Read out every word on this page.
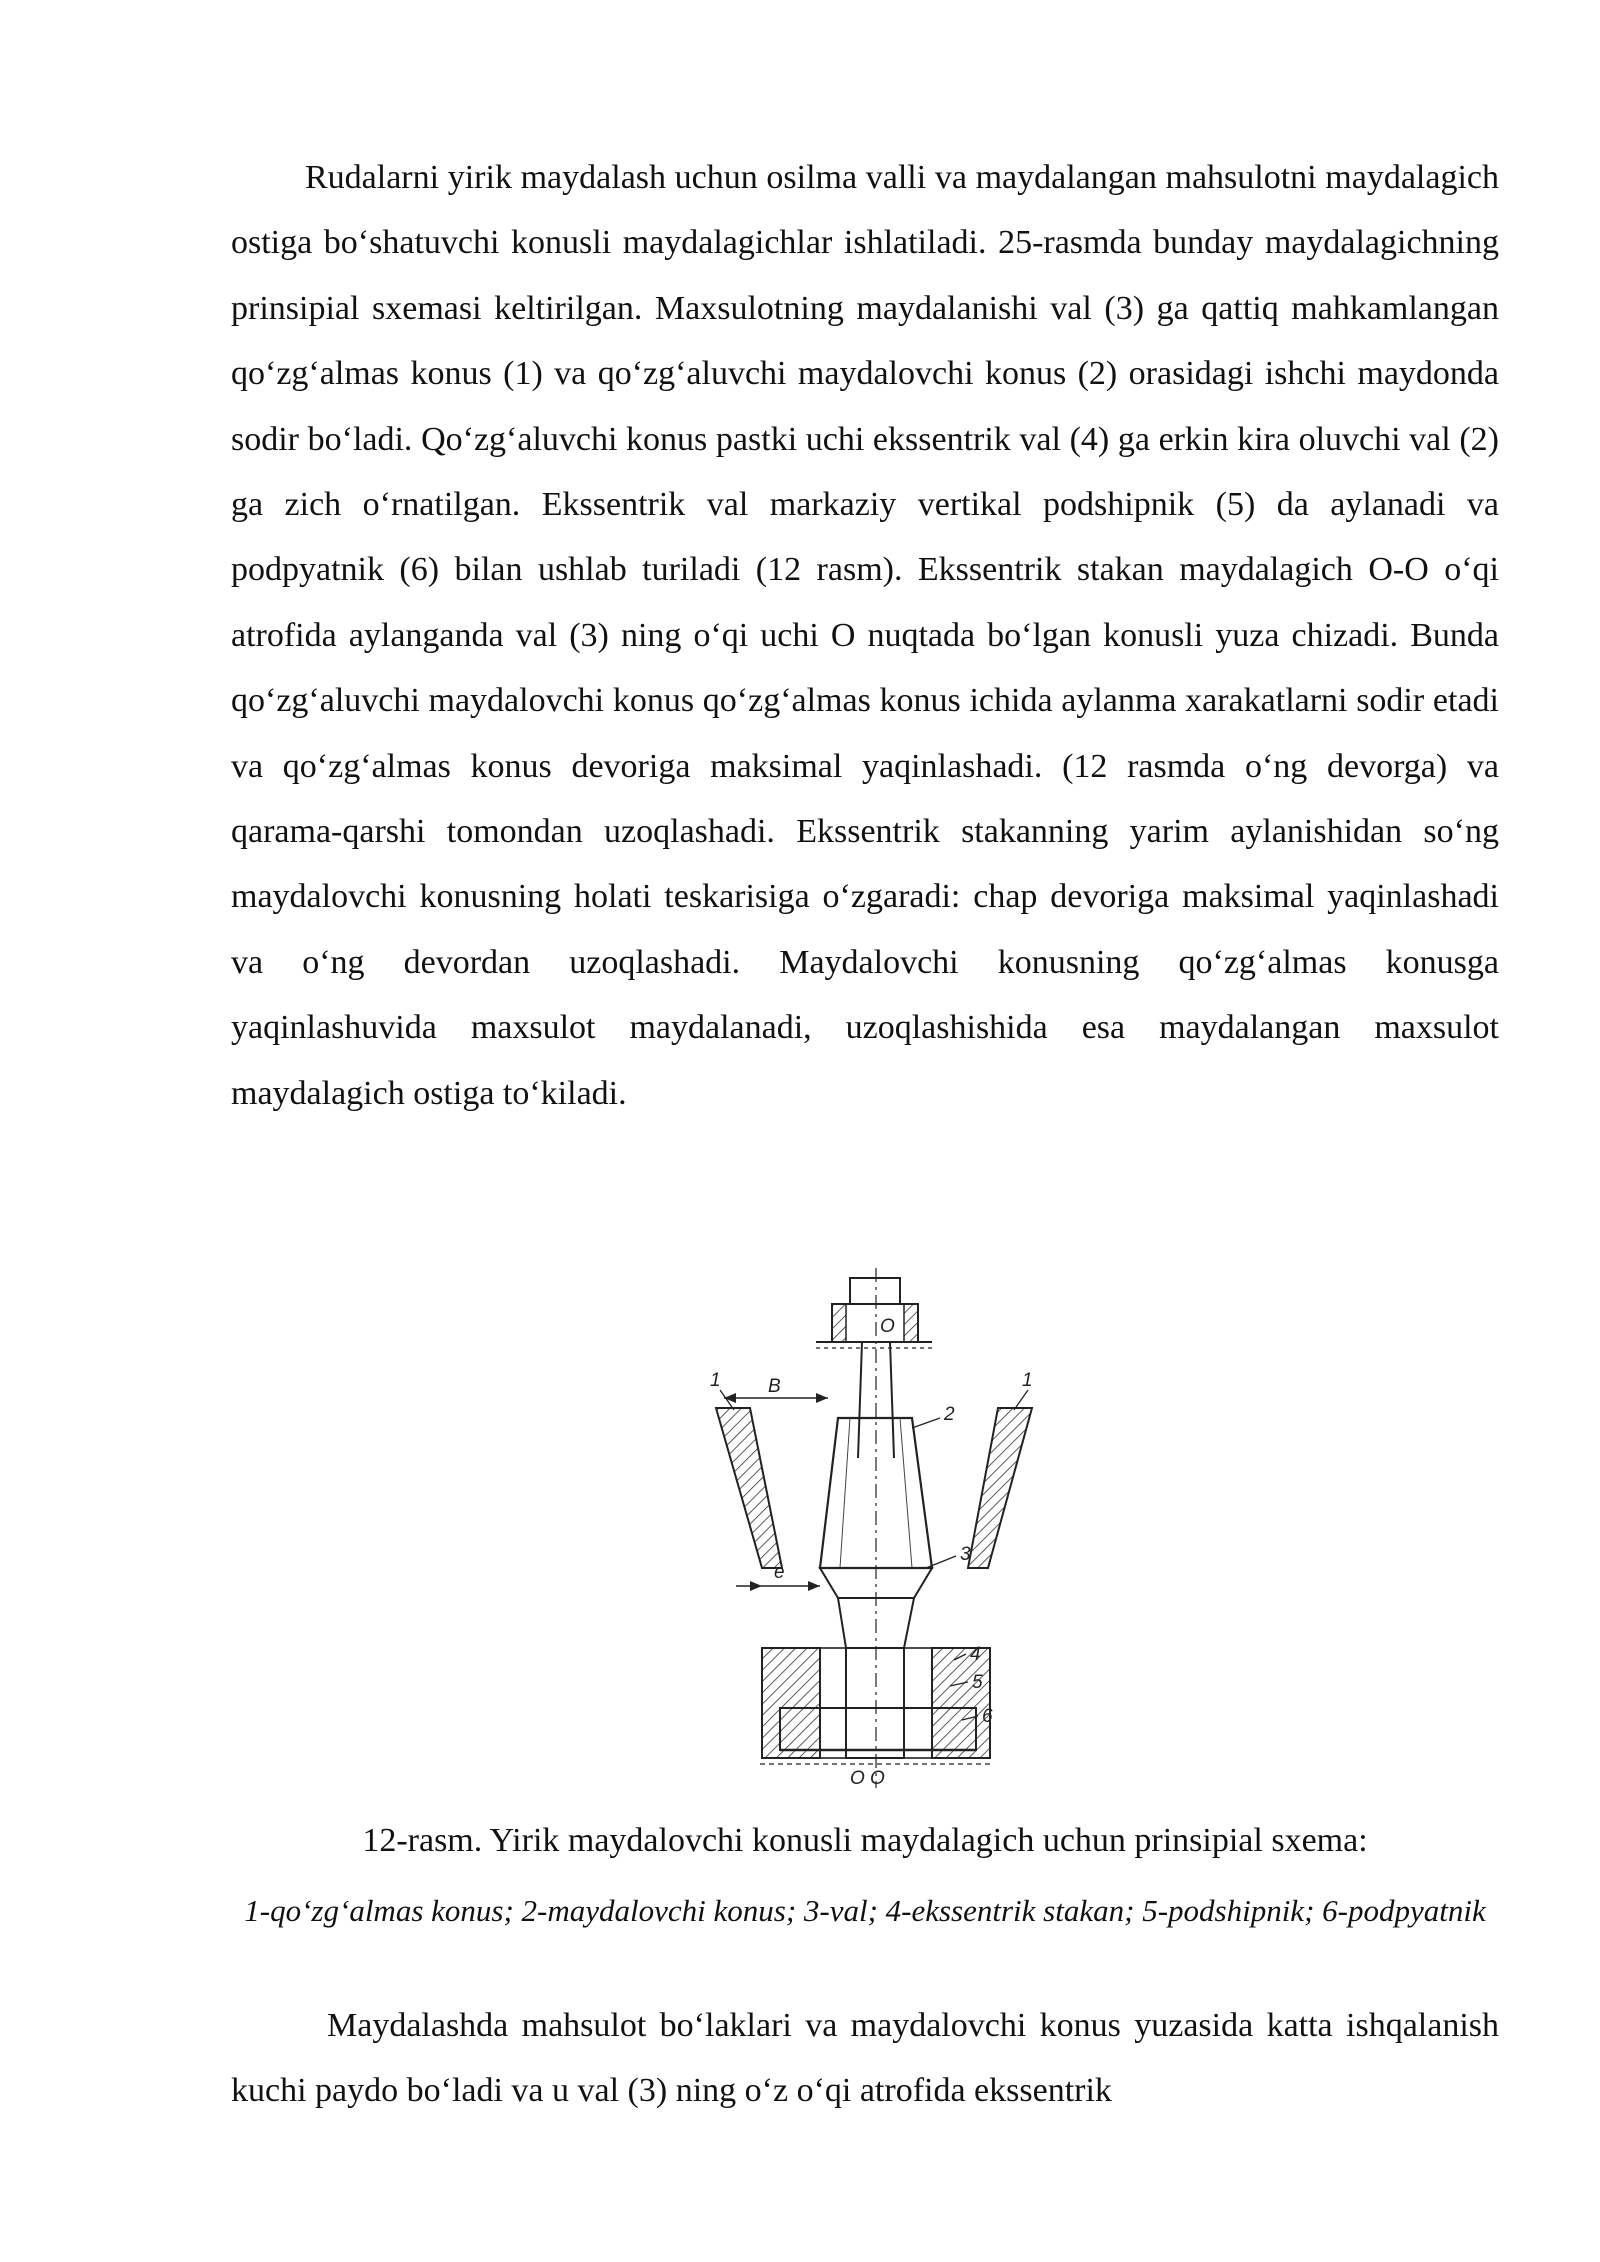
Rudalarni yirik maydalash uchun osilma valli va maydalangan mahsulotni maydalagich ostiga bo‘shatuvchi konusli maydalagichlar ishlatiladi. 25-rasmda bunday maydalagichning prinsipial sxemasi keltirilgan. Maxsulotning maydalanishi val (3) ga qattiq mahkamlangan qo‘zg‘almas konus (1) va qo‘zg‘aluvchi maydalovchi konus (2) orasidagi ishchi maydonda sodir bo‘ladi. Qo‘zg‘aluvchi konus pastki uchi ekssentrik val (4) ga erkin kira oluvchi val (2) ga zich o‘rnatilgan. Ekssentrik val markaziy vertikal podshipnik (5) da aylanadi va podpyatnik (6) bilan ushlab turiladi (12 rasm). Ekssentrik stakan maydalagich O-O o‘qi atrofida aylanganda val (3) ning o‘qi uchi O nuqtada bo‘lgan konusli yuza chizadi. Bunda qo‘zg‘aluvchi maydalovchi konus qo‘zg‘almas konus ichida aylanma xarakatlarni sodir etadi va qo‘zg‘almas konus devoriga maksimal yaqinlashadi. (12 rasmda o‘ng devorga) va qarama-qarshi tomondan uzoqlashadi. Ekssentrik stakanning yarim aylanishidan so‘ng maydalovchi konusning holati teskarisiga o‘zgaradi: chap devoriga maksimal yaqinlashadi va o‘ng devordan uzoqlashadi. Maydalovchi konusning qo‘zg‘almas konusga yaqinlashuvida maxsulot maydalanadi, uzoqlashishida esa maydalangan maxsulot maydalagich ostiga to‘kiladi.

1	1
B
e
2
3
4
5
6
O
O O

12-rasm. Yirik maydalovchi konusli maydalagich uchun prinsipial sxema:

1-qo‘zg‘almas konus; 2-maydalovchi konus; 3-val; 4-ekssentrik stakan; 5-podshipnik; 6-podpyatnik

Maydalashda mahsulot bo‘laklari va maydalovchi konus yuzasida katta ishqalanish kuchi paydo bo‘ladi va u val (3) ning o‘z o‘qi atrofida ekssentrik
